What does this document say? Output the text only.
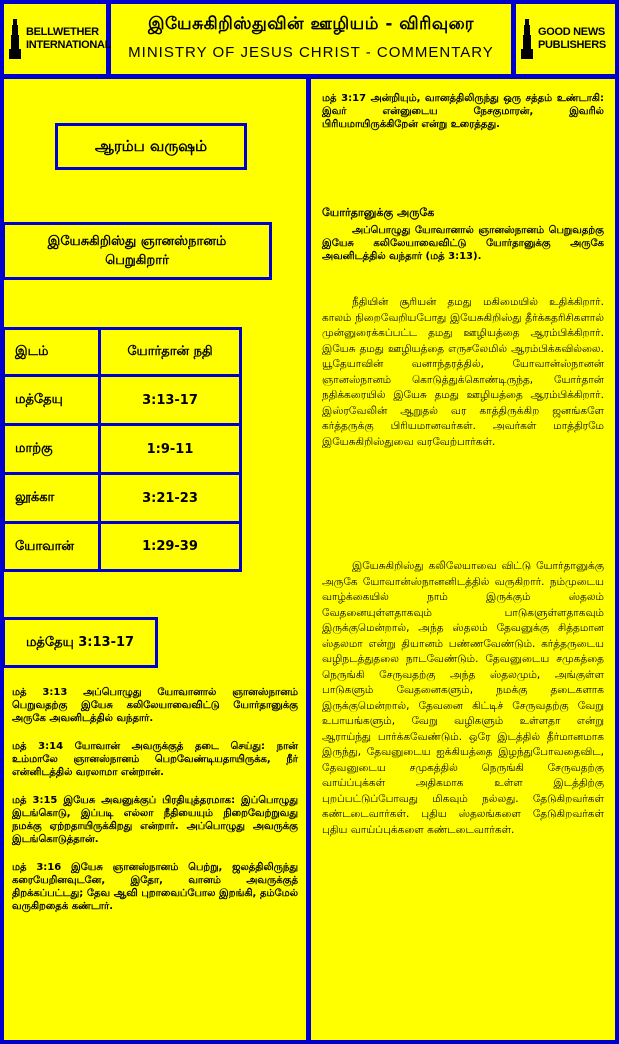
BELLWETHER INTERNATIONAL
இயேசுகிறிஸ்துவின் ஊழியம் - விரிவுரை
MINISTRY OF JESUS CHRIST - COMMENTARY
GOOD NEWS PUBLISHERS
ஆரம்ப வருஷம்
இயேசுகிறிஸ்து ஞானஸ்நானம் பெறுகிறார்
இடம்	யோர்தான் நதி
மத்தேயு	3:13-17
மாற்கு	1:9-11
லூக்கா	3:21-23
யோவான்	1:29-39
மத்தேயு 3:13-17

மத் 3:13 அப்பொழுது யோவானால் ஞானஸ்நானம் பெறுவதற்கு இயேசு கலிலேயாவைவிட்டு யோர்தானுக்கு அருகே அவனிடத்தில் வந்தார்.

மத் 3:14 யோவான் அவருக்குத் தடை செய்து: நான் உம்மாலே ஞானஸ்நானம் பெறவேண்டியதாயிருக்க, நீர் என்னிடத்தில் வரலாமா என்றான்.

மத் 3:15 இயேசு அவனுக்குப் பிரதியுத்தரமாக: இப்பொழுது இடங்கொடு, இப்படி எல்லா நீதியையும் நிறைவேற்றுவது நமக்கு ஏற்றதாயிருக்கிறது என்றார். அப்பொழுது அவருக்கு இடங்கொடுத்தான்.

மத் 3:16 இயேசு ஞானஸ்நானம் பெற்று, ஜலத்திலிருந்து கரையேறினவுடனே, இதோ, வானம் அவருக்குத் திறக்கப்பட்டது; தேவ ஆவி புறாவைப்போல இறங்கி, தம்மேல் வருகிறதைக் கண்டார்.

மத் 3:17 அன்றியும், வானத்திலிருந்து ஒரு சத்தம் உண்டாகி: இவர் என்னுடைய நேசகுமாரன், இவரில் பிரியமாயிருக்கிறேன் என்று உரைத்தது.

யோர்தானுக்கு அருகே

அப்பொழுது யோவானால் ஞானஸ்நானம் பெறுவதற்கு இயேசு கலிலேயாவைவிட்டு யோர்தானுக்கு அருகே அவனிடத்தில் வந்தார் (மத் 3:13).

நீதியின் சூரியன் தமது மகிமையில் உதிக்கிறார். காலம் நிறைவேறியபோது இயேசுகிறிஸ்து தீர்க்கதரிசிகளால் முன்னுரைக்கப்பட்ட தமது ஊழியத்தை ஆரம்பிக்கிறார். இயேசு தமது ஊழியத்தை எருசலேமில் ஆரம்பிக்கவில்லை. யூதேயாவின் வனாந்தரத்தில், யோவான்ஸ்நானன் ஞானஸ்நானம் கொடுத்துக்கொண்டிருந்த, யோர்தான் நதிக்கரையில் இயேசு தமது ஊழியத்தை ஆரம்பிக்கிறார். இஸ்ரவேலின் ஆறுதல் வர காத்திருக்கிற ஜனங்களே கர்த்தருக்கு பிரியமானவர்கள். அவர்கள் மாத்திரமே இயேசுகிறிஸ்துவை வரவேற்பார்கள்.

இயேசுகிறிஸ்து கலிலேயாவை விட்டு யோர்தானுக்கு அருகே யோவான்ஸ்நானனிடத்தில் வருகிறார். நம்முடைய வாழ்க்கையில் நாம் இருக்கும் ஸ்தலம் வேதனையுள்ளதாகவும் பாடுகளுள்ளதாகவும் இருக்குமென்றால், அந்த ஸ்தலம் தேவனுக்கு சித்தமான ஸ்தலமா என்று தியானம் பண்ணவேண்டும். கர்த்தருடைய வழிநடத்துதலை நாடவேண்டும். தேவனுடைய சமுகத்தை நெருங்கி சேருவதற்கு அந்த ஸ்தலமும், அங்குள்ள பாடுகளும் வேதனைகளும், நமக்கு தடைகளாக இருக்குமென்றால், தேவனை கிட்டிச் சேருவதற்கு வேறு உபாயங்களும், வேறு வழிகளும் உள்ளதா என்று ஆராய்ந்து பார்க்கவேண்டும். ஒரே இடத்தில் தீர்மானமாக இருந்து, தேவனுடைய ஐக்கியத்தை இழந்துபோவதைவிட, தேவனுடைய சமுகத்தில் நெருங்கி சேருவதற்கு வாய்ப்புக்கள் அதிகமாக உள்ள இடத்திற்கு புறப்பட்டுப்போவது மிகவும் நல்லது. தேடுகிறவர்கள் கண்டடைவார்கள். புதிய ஸ்தலங்களை தேடுகிறவர்கள் புதிய வாய்ப்புக்களை கண்டடைவார்கள்.
